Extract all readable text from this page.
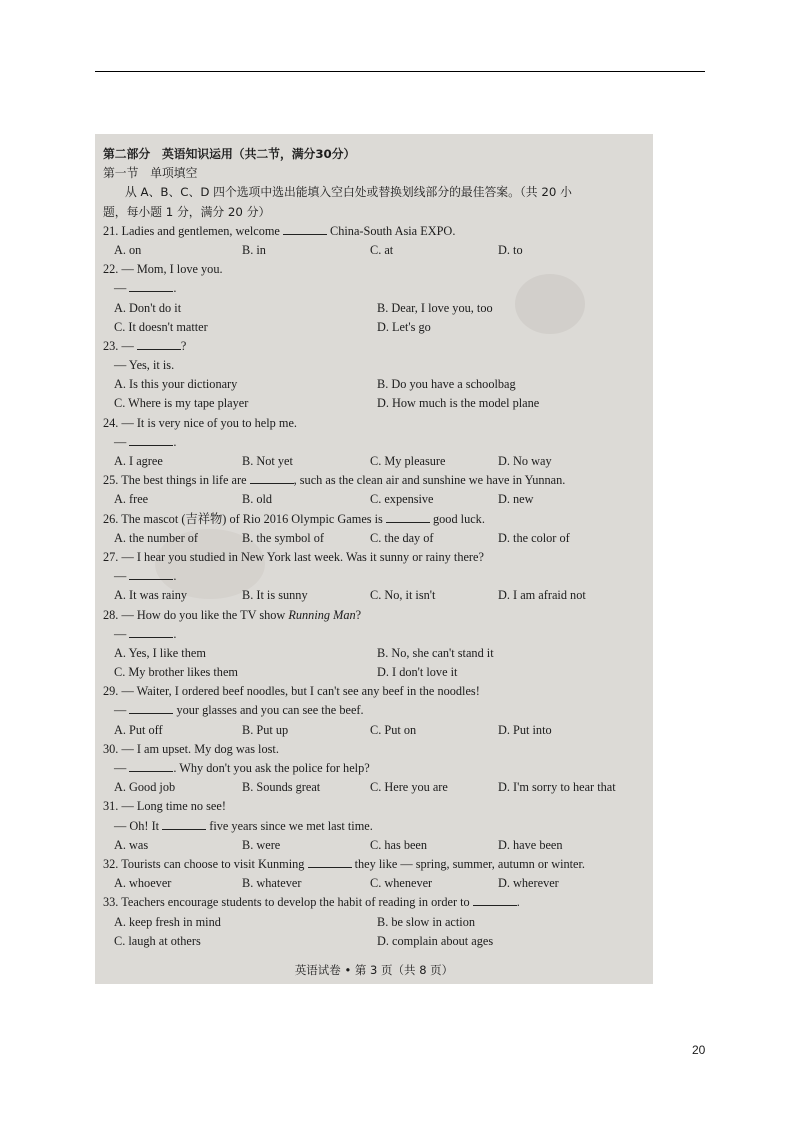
第二部分　英语知识运用（共二节，满分30分）
第一节　单项填空
从 A、B、C、D 四个选项中选出能填入空白处或替换划线部分的最佳答案。（共 20 小
题，每小题 1 分，满分 20 分）
21. Ladies and gentlemen, welcome	China-South Asia EXPO.
A. on	B. in	C. at	D. to
22. — Mom, I love you.
—	.
A. Don't do it	B. Dear, I love you, too
C. It doesn't matter	D. Let's go
23. —	?
— Yes, it is.
A. Is this your dictionary	B. Do you have a schoolbag
C. Where is my tape player	D. How much is the model plane
24. — It is very nice of you to help me.
—	.
A. I agree	B. Not yet	C. My pleasure	D. No way
25. The best things in life are	, such as the clean air and sunshine we have in Yunnan.
A. free	B. old	C. expensive	D. new
26. The mascot (吉祥物) of Rio 2016 Olympic Games is	good luck.
A. the number of	B. the symbol of	C. the day of	D. the color of
27. — I hear you studied in New York last week. Was it sunny or rainy there?
—	.
A. It was rainy	B. It is sunny	C. No, it isn't	D. I am afraid not
28. — How do you like the TV show Running Man?
—	.
A. Yes, I like them	B. No, she can't stand it
C. My brother likes them	D. I don't love it
29. — Waiter, I ordered beef noodles, but I can't see any beef in the noodles!
—	your glasses and you can see the beef.
A. Put off	B. Put up	C. Put on	D. Put into
30. — I am upset. My dog was lost.
—	. Why don't you ask the police for help?
A. Good job	B. Sounds great	C. Here you are	D. I'm sorry to hear that
31. — Long time no see!
— Oh! It	five years since we met last time.
A. was	B. were	C. has been	D. have been
32. Tourists can choose to visit Kunming	they like — spring, summer, autumn or winter.
A. whoever	B. whatever	C. whenever	D. wherever
33. Teachers encourage students to develop the habit of reading in order to	.
A. keep fresh in mind	B. be slow in action
C. laugh at others	D. complain about ages
英语试卷 • 第 3 页（共 8 页）
20
